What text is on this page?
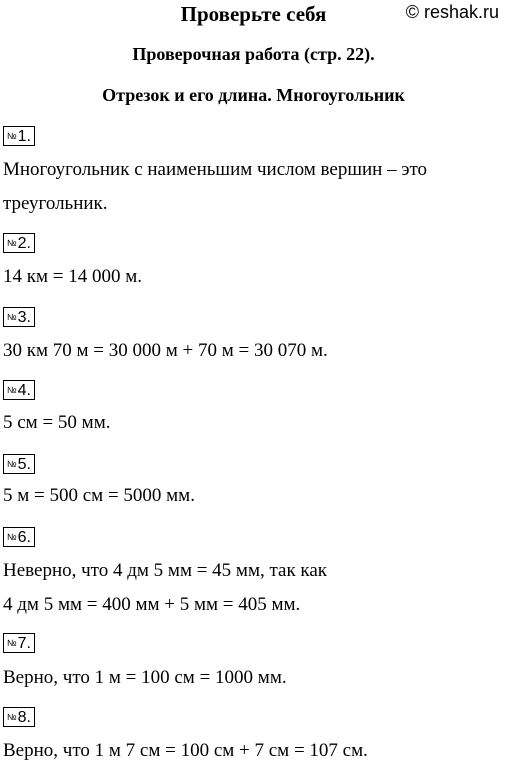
Проверьте себя	© reshak.ru
Проверочная работа (стр. 22).
Отрезок и его длина. Многоугольник
№1.
Многоугольник с наименьшим числом вершин – это
треугольник.
№2.
14 км = 14 000 м.
№3.
30 км 70 м = 30 000 м + 70 м = 30 070 м.
№4.
5 см = 50 мм.
№5.
5 м = 500 см = 5000 мм.
№6.
Неверно, что 4 дм 5 мм = 45 мм, так как
4 дм 5 мм = 400 мм + 5 мм = 405 мм.
№7.
Верно, что 1 м = 100 см = 1000 мм.
№8.
Верно, что 1 м 7 см = 100 см + 7 см = 107 см.
